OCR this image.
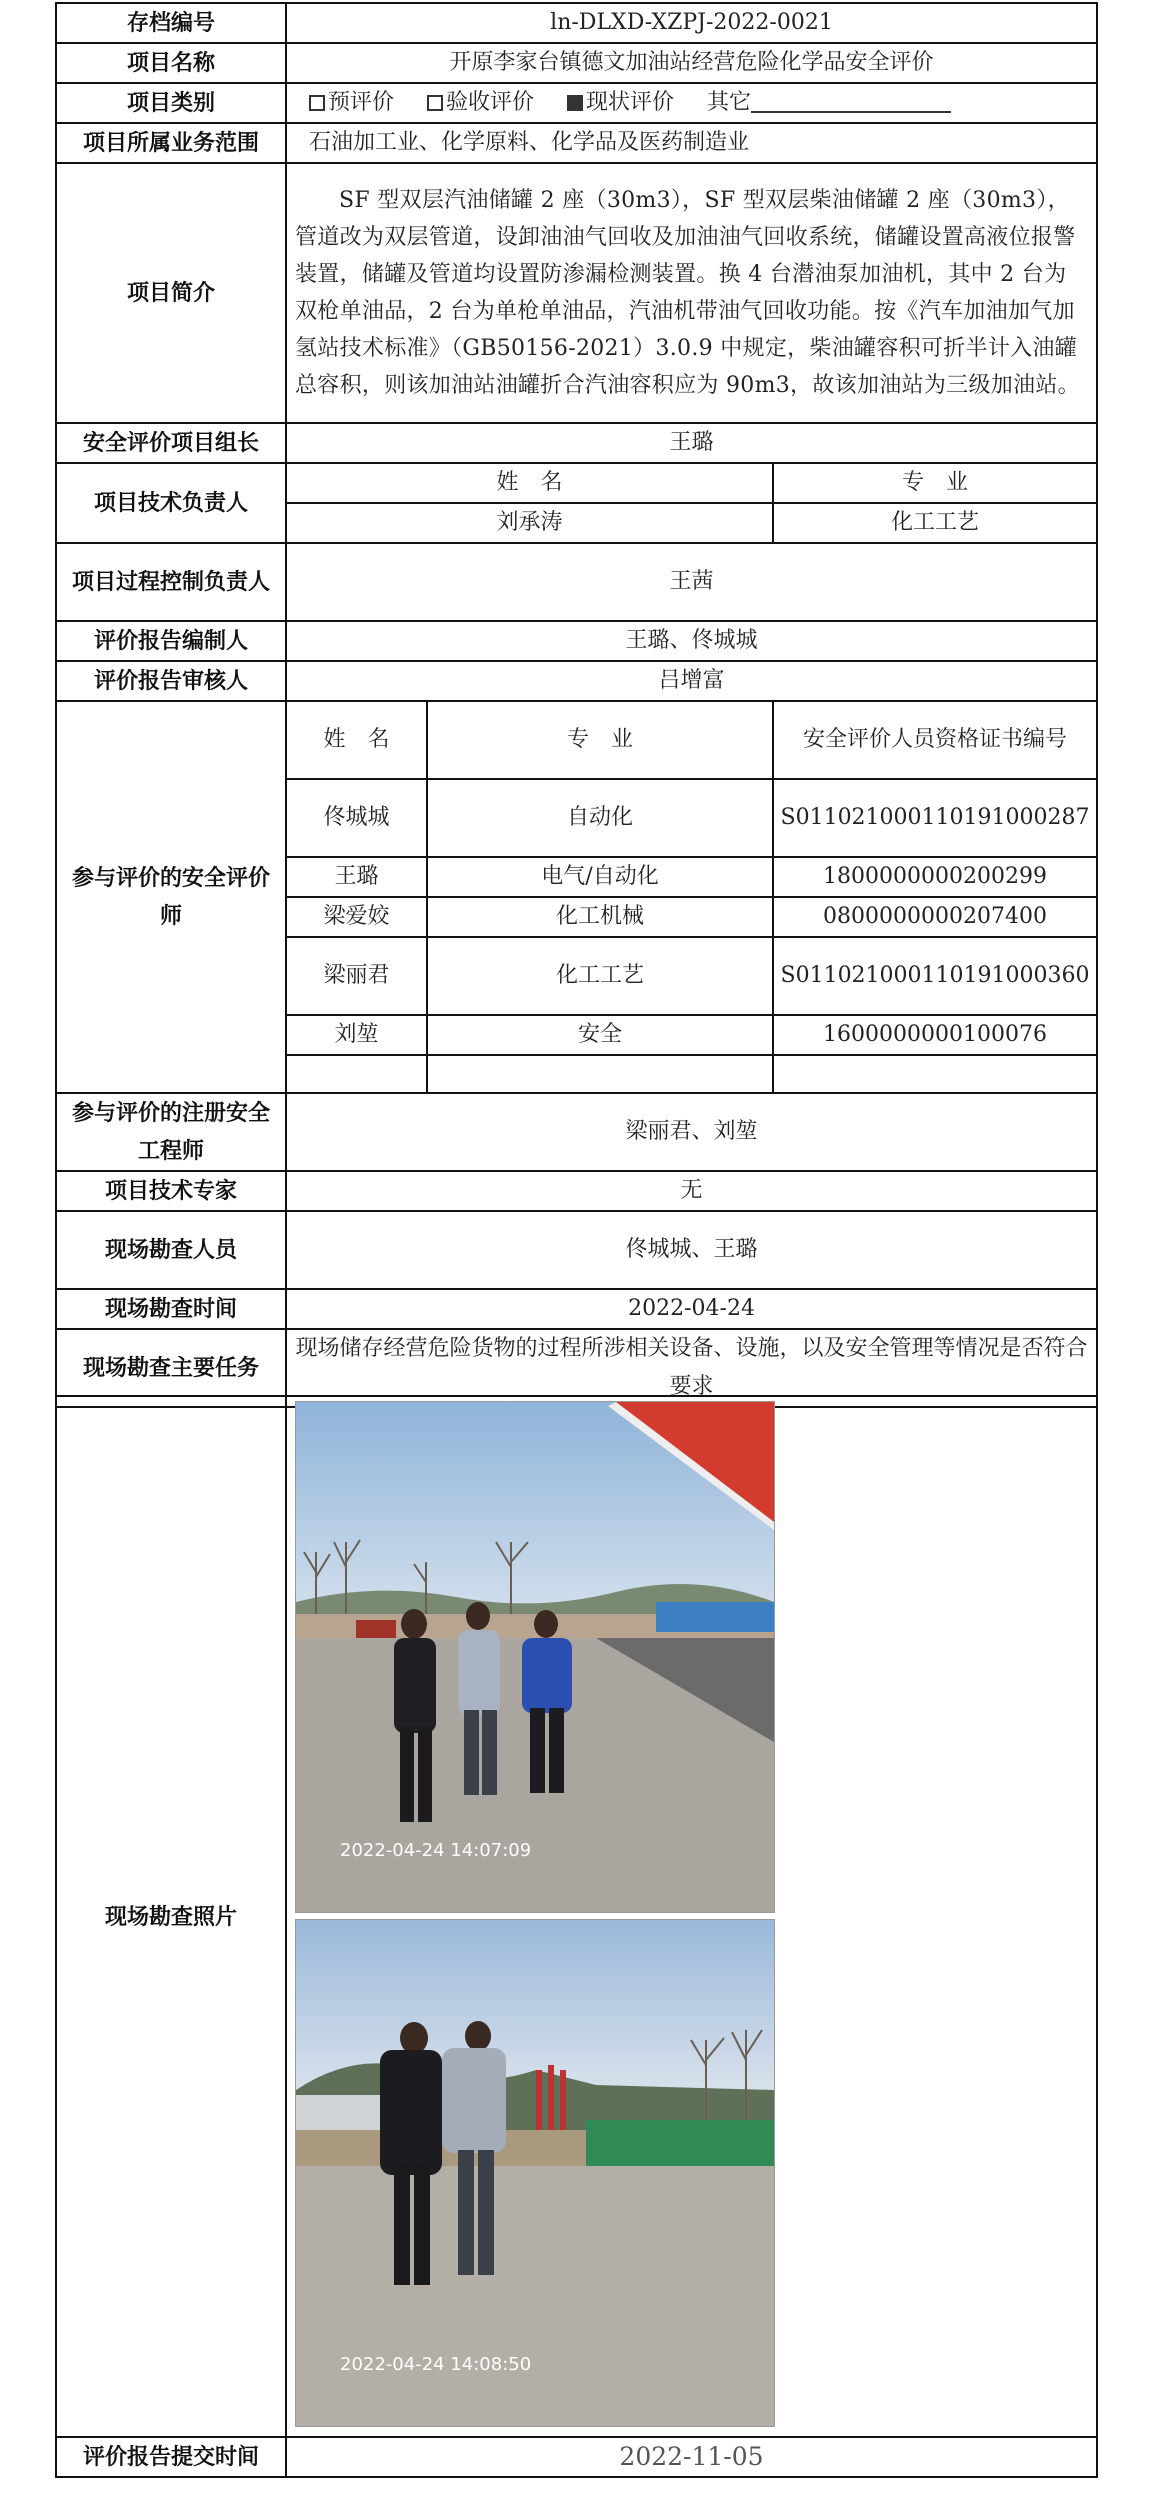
存档编号	ln-DLXD-XZPJ-2022-0021		
项目名称	开原李家台镇德文加油站经营危险化学品安全评价		
项目类别	预评价 验收评价 现状评价 其它		
项目所属业务范围	石油加工业、化学原料、化学品及医药制造业		
项目简介	SF 型双层汽油储罐 2 座（30m3），SF 型双层柴油储罐 2 座（30m3），管道改为双层管道，设卸油油气回收及加油油气回收系统，储罐设置高液位报警装置，储罐及管道均设置防渗漏检测装置。换 4 台潜油泵加油机，其中 2 台为双枪单油品，2 台为单枪单油品，汽油机带油气回收功能。按《汽车加油加气加氢站技术标准》（GB50156-2021）3.0.9 中规定，柴油罐容积可折半计入油罐总容积，则该加油站油罐折合汽油容积应为 90m3，故该加油站为三级加油站。		
安全评价项目组长	王璐		
项目技术负责人	姓　名		专　业
	刘承涛		化工工艺
项目过程控制负责人	王茜		
评价报告编制人	王璐、佟城城		
评价报告审核人	吕增富		
参与评价的安全评价师	姓　名	专　业	安全评价人员资格证书编号
	佟城城	自动化	S011021000110191000287
	王璐	电气/自动化	1800000000200299
	梁爱姣	化工机械	0800000000207400
	梁丽君	化工工艺	S011021000110191000360
	刘堃	安全	1600000000100076

参与评价的注册安全工程师	梁丽君、刘堃		
项目技术专家	无		
现场勘查人员	佟城城、王璐		
现场勘查时间	2022-04-24		
现场勘查主要任务	现场储存经营危险货物的过程所涉相关设备、设施，以及安全管理等情况是否符合要求		
现场勘查照片	2022-04-24 14:07:09
2022-04-24 14:08:50

评价报告提交时间	2022-11-05
